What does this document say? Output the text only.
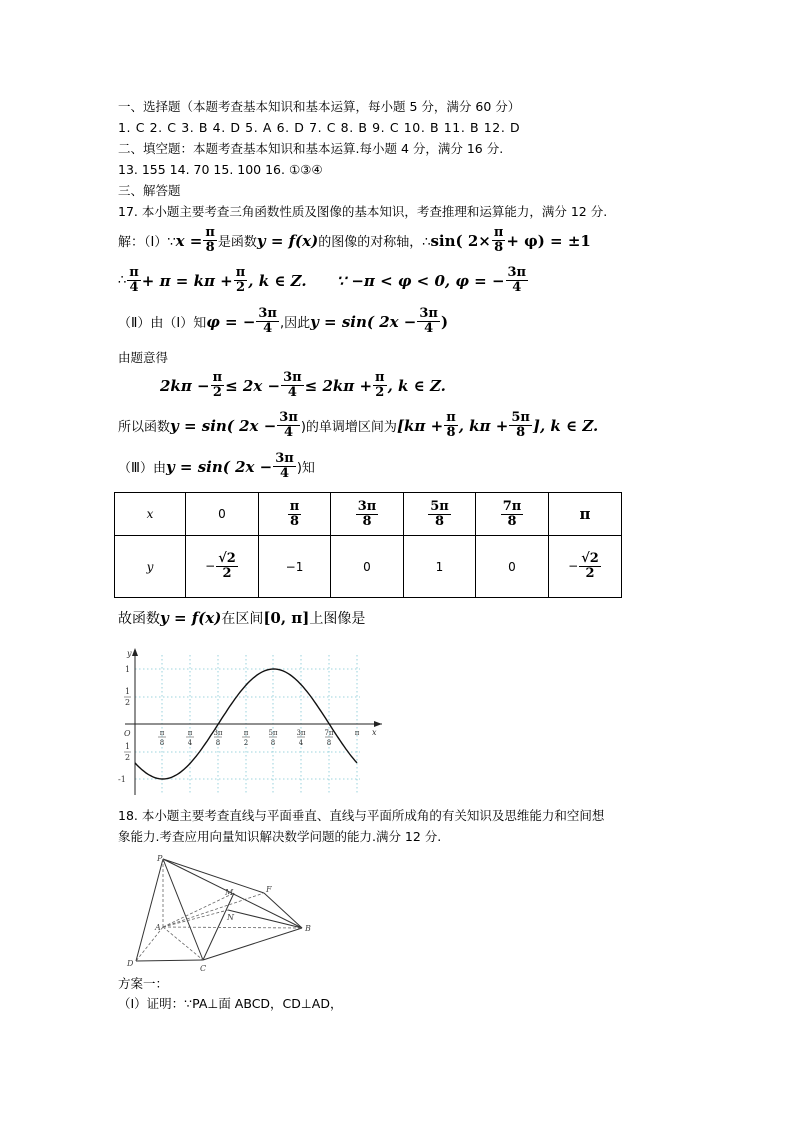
一、选择题（本题考查基本知识和基本运算，每小题 5 分，满分 60 分）
1. C 2. C 3. B 4. D 5. A 6. D 7. C 8. B 9. C 10. B 11. B 12. D
二、填空题：本题考查基本知识和基本运算.每小题 4 分，满分 16 分.
13. 155 14. 70 15. 100 16. ①③④
三、解答题
17. 本小题主要考查三角函数性质及图像的基本知识，考查推理和运算能力，满分 12 分.
解：（Ⅰ）∵ $x = \frac{\pi}{8}$ 是函数 y = f(x) 的图像的对称轴，∴ sin( $2\times \frac{\pi}{8} + \varphi) = \pm 1$
∴ $\frac{\pi}{4} + \pi = k\pi + \frac{\pi}{2}$ , k ∈ Z. ∵ −π < φ < 0, φ = − $\frac{3\pi}{4}$
（Ⅱ）由（Ⅰ）知 φ = − $\frac{3\pi}{4}$ ,因此 y = sin( $2x - \frac{3\pi}{4}$ )
由题意得
$2k\pi - \frac{\pi}{2} \le 2x - \frac{3\pi}{4} \le 2k\pi + \frac{\pi}{2}$ , k ∈ Z.
所以函数 y = sin( $2x - \frac{3\pi}{4}$ )的单调增区间为 [$k\pi + \frac{\pi}{8}$ , $k\pi + \frac{5\pi}{8}$ ], k ∈ Z.
（Ⅲ）由 y = sin( $2x - \frac{3\pi}{4}$ )知
x	0	$\frac{\pi}{8}$	$\frac{3\pi}{8}$	$\frac{5\pi}{8}$	$\frac{7\pi}{8}$	π
y	− $\frac{√2}{2}$	−1	0	1	0	− $\frac{√2}{2}$
故函数 y = f(x) 在区间 [0, π] 上图像是
y
x
O
1
1
2
1
2
-1
π
8
π
4
3π
8
π
2
5π
8
3π
4
7π
8
π
18. 本小题主要考查直线与平面垂直、直线与平面所成角的有关知识及思维能力和空间想
象能力.考查应用向量知识解决数学问题的能力.满分 12 分.
P
A
D
C
B
F
M
N
方案一：
（Ⅰ）证明：∵PA⊥面 ABCD，CD⊥AD，
